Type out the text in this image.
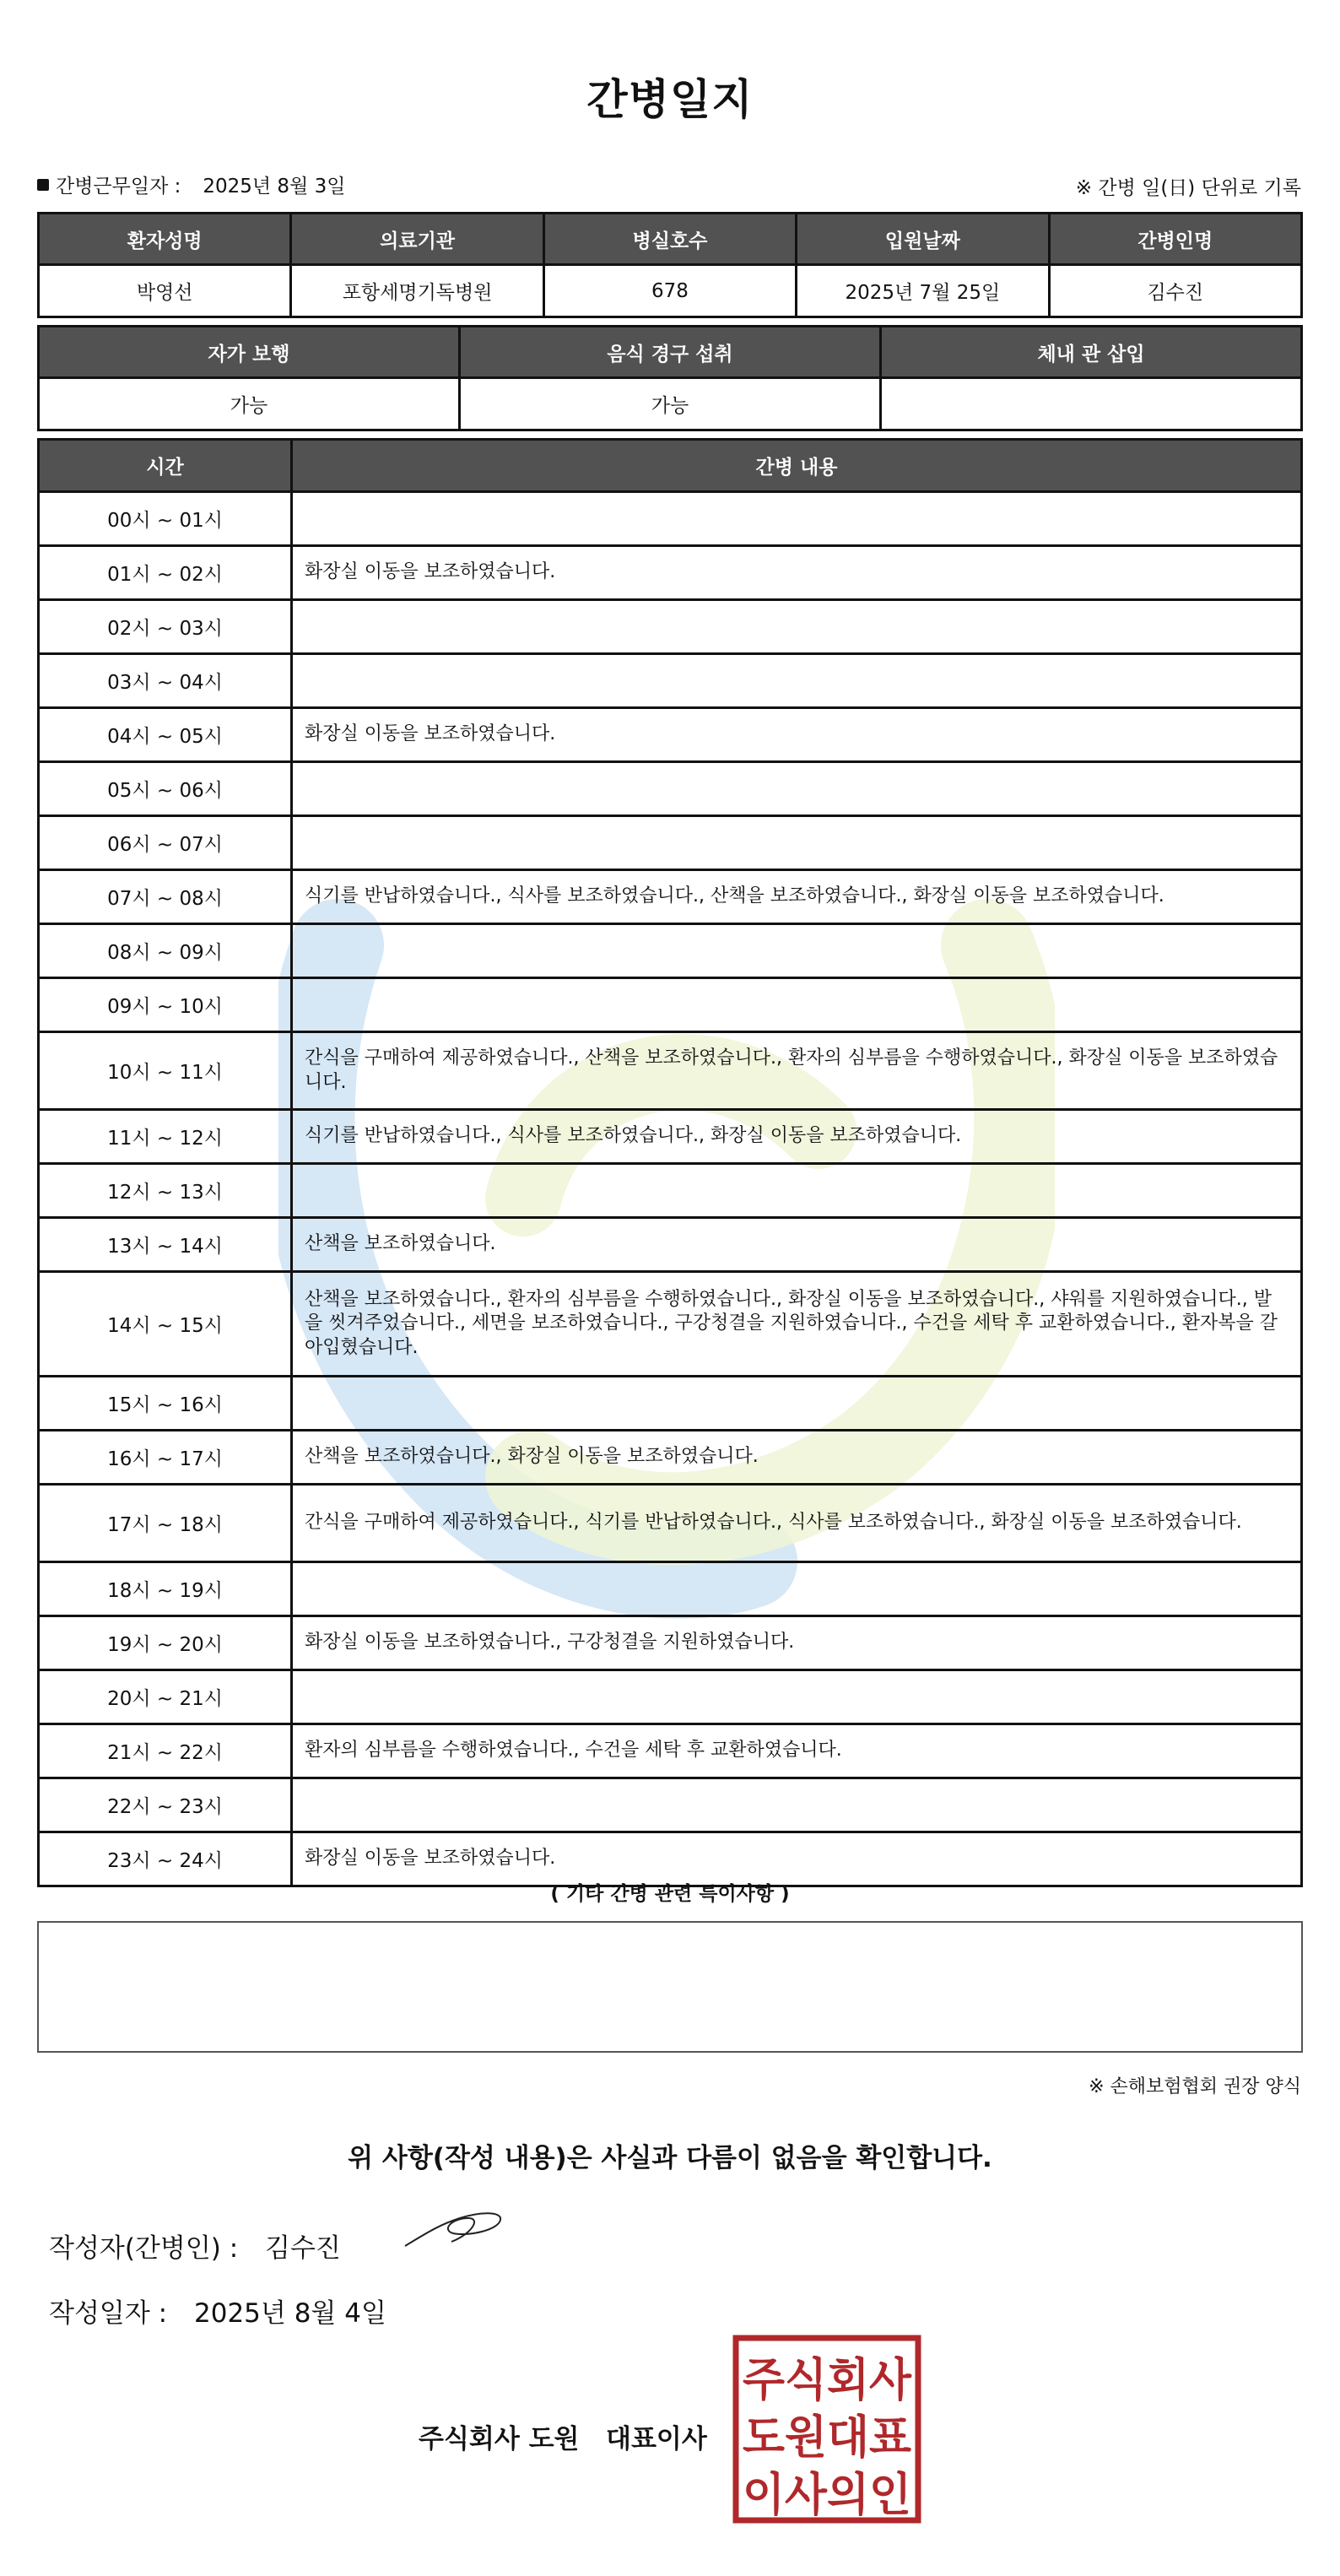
간병일지
간병근무일자 : 2025년 8월 3일	※ 간병 일(日) 단위로 기록
환자성명	의료기관	병실호수	입원날짜	간병인명
박영선	포항세명기독병원	678	2025년 7월 25일	김수진
자가 보행	음식 경구 섭취	체내 관 삽입
가능	가능	
시간	간병 내용
00시 ~ 01시	
01시 ~ 02시	화장실 이동을 보조하였습니다.
02시 ~ 03시	
03시 ~ 04시	
04시 ~ 05시	화장실 이동을 보조하였습니다.
05시 ~ 06시	
06시 ~ 07시	
07시 ~ 08시	식기를 반납하였습니다., 식사를 보조하였습니다., 산책을 보조하였습니다., 화장실 이동을 보조하였습니다.
08시 ~ 09시	
09시 ~ 10시	
10시 ~ 11시	간식을 구매하여 제공하였습니다., 산책을 보조하였습니다., 환자의 심부름을 수행하였습니다., 화장실 이동을 보조하였습니다.
11시 ~ 12시	식기를 반납하였습니다., 식사를 보조하였습니다., 화장실 이동을 보조하였습니다.
12시 ~ 13시	
13시 ~ 14시	산책을 보조하였습니다.
14시 ~ 15시	산책을 보조하였습니다., 환자의 심부름을 수행하였습니다., 화장실 이동을 보조하였습니다., 샤워를 지원하였습니다., 발을 씻겨주었습니다., 세면을 보조하였습니다., 구강청결을 지원하였습니다., 수건을 세탁 후 교환하였습니다., 환자복을 갈아입혔습니다.
15시 ~ 16시	
16시 ~ 17시	산책을 보조하였습니다., 화장실 이동을 보조하였습니다.
17시 ~ 18시	간식을 구매하여 제공하였습니다., 식기를 반납하였습니다., 식사를 보조하였습니다., 화장실 이동을 보조하였습니다.
18시 ~ 19시	
19시 ~ 20시	화장실 이동을 보조하였습니다., 구강청결을 지원하였습니다.
20시 ~ 21시	
21시 ~ 22시	환자의 심부름을 수행하였습니다., 수건을 세탁 후 교환하였습니다.
22시 ~ 23시	
23시 ~ 24시	화장실 이동을 보조하였습니다.
( 기타 간병 관련 특이사항 )
※ 손해보험협회 권장 양식
위 사항(작성 내용)은 사실과 다름이 없음을 확인합니다.
작성자(간병인) : 김수진
작성일자 : 2025년 8월 4일
주식회사 도원 대표이사
주식회사
도원대표
이사의인
